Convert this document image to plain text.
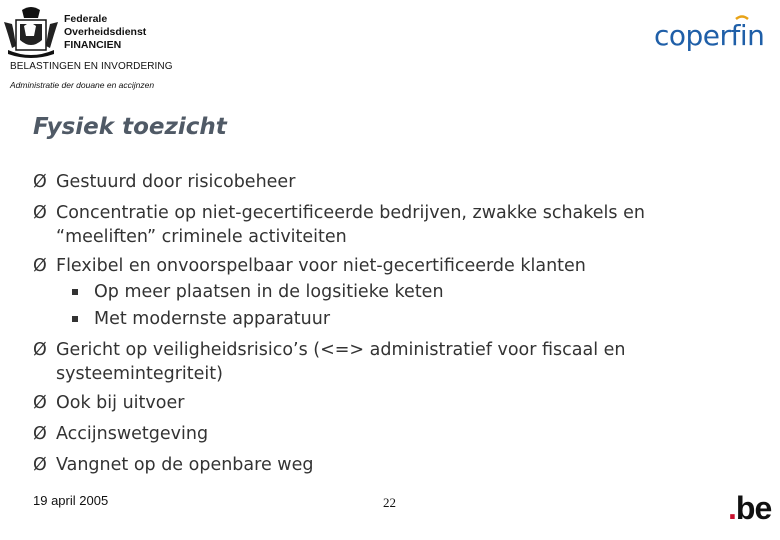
Federale
Overheidsdienst
FINANCIEN
BELASTINGEN EN INVORDERING
Administratie der douane en accijnzen
coperfin
Fysiek toezicht
Ø Gestuurd door risicobeheer
Ø Concentratie op niet-gecertificeerde bedrijven, zwakke schakels en
“meeliften” criminele activiteiten
Ø Flexibel en onvoorspelbaar voor niet-gecertificeerde klanten
Op meer plaatsen in de logsitieke keten
Met modernste apparatuur
Ø Gericht op veiligheidsrisico’s (<=> administratief voor fiscaal en
systeemintegriteit)
Ø Ook bij uitvoer
Ø Accijnswetgeving
Ø Vangnet op de openbare weg
19 april 2005	22	.be
